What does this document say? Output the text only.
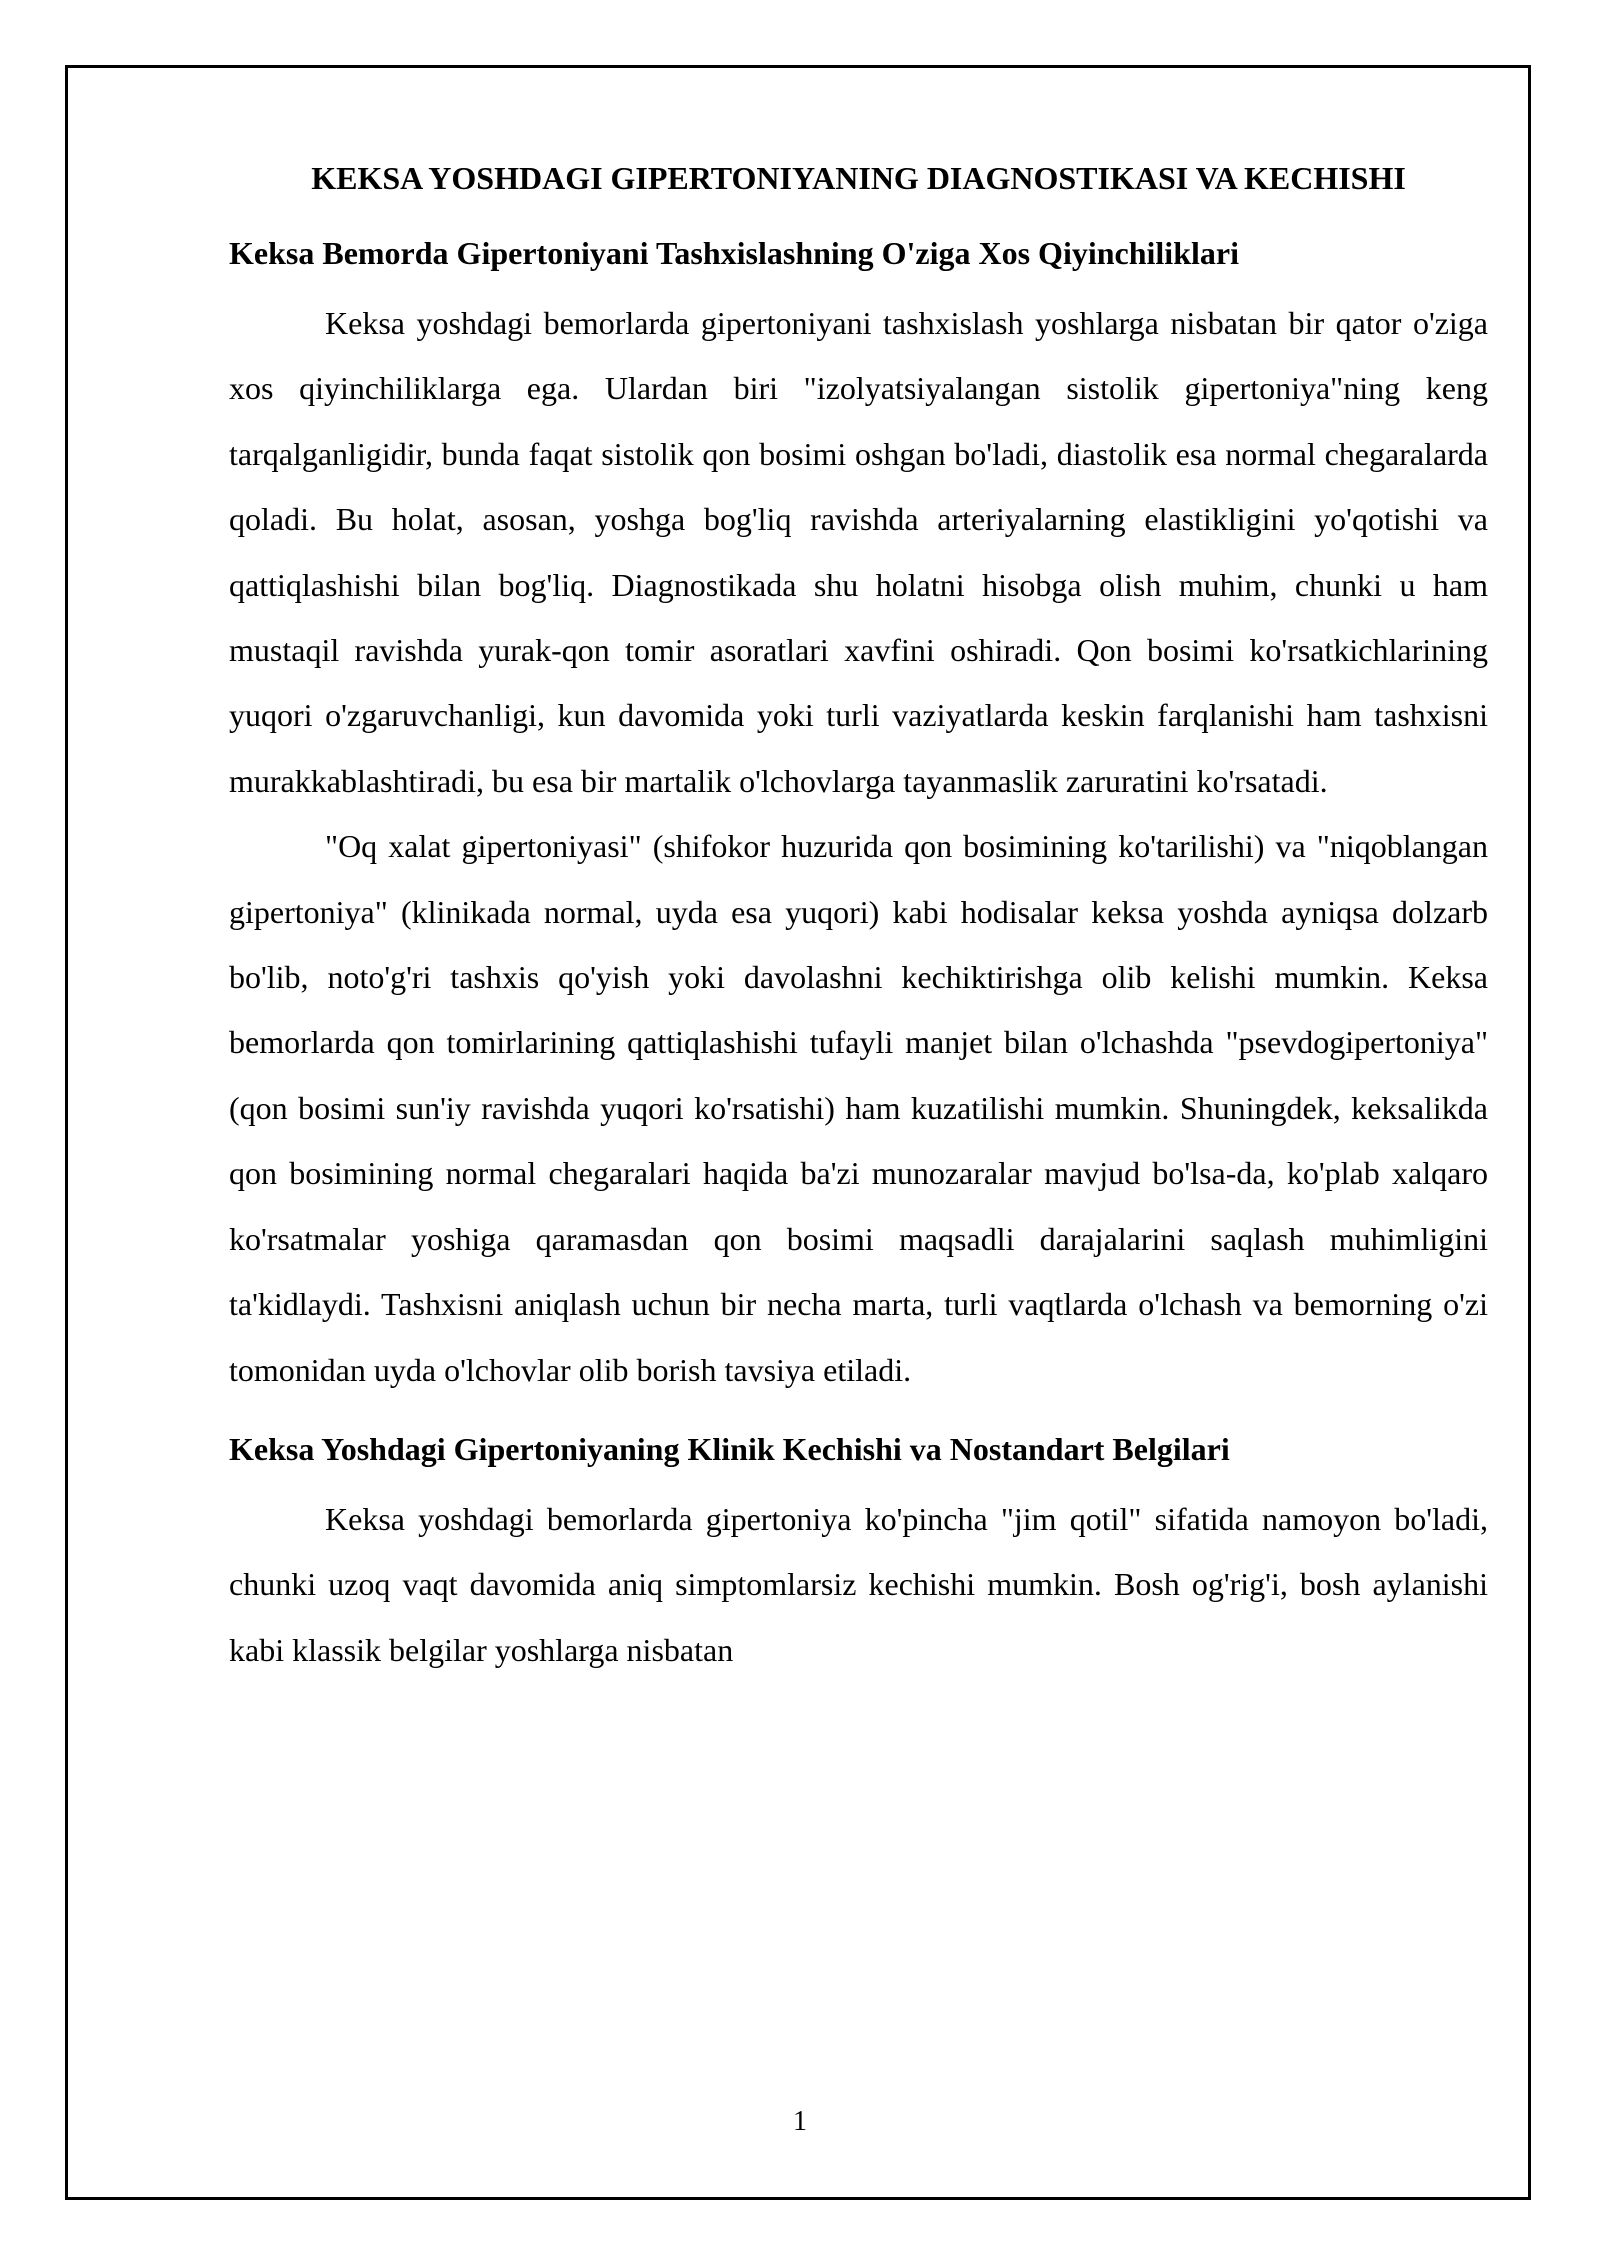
KEKSA YOSHDAGI GIPERTONIYANING DIAGNOSTIKASI VA KECHISHI
Keksa Bemorda Gipertoniyani Tashxislashning O'ziga Xos Qiyinchiliklari

Keksa yoshdagi bemorlarda gipertoniyani tashxislash yoshlarga nisbatan bir qator o'ziga xos qiyinchiliklarga ega. Ulardan biri "izolyatsiyalangan sistolik gipertoniya"ning keng tarqalganligidir, bunda faqat sistolik qon bosimi oshgan bo'ladi, diastolik esa normal chegaralarda qoladi. Bu holat, asosan, yoshga bog'liq ravishda arteriyalarning elastikligini yo'qotishi va qattiqlashishi bilan bog'liq. Diagnostikada shu holatni hisobga olish muhim, chunki u ham mustaqil ravishda yurak-qon tomir asoratlari xavfini oshiradi. Qon bosimi ko'rsatkichlarining yuqori o'zgaruvchanligi, kun davomida yoki turli vaziyatlarda keskin farqlanishi ham tashxisni murakkablashtiradi, bu esa bir martalik o'lchovlarga tayanmaslik zaruratini ko'rsatadi.

"Oq xalat gipertoniyasi" (shifokor huzurida qon bosimining ko'tarilishi) va "niqoblangan gipertoniya" (klinikada normal, uyda esa yuqori) kabi hodisalar keksa yoshda ayniqsa dolzarb bo'lib, noto'g'ri tashxis qo'yish yoki davolashni kechiktirishga olib kelishi mumkin. Keksa bemorlarda qon tomirlarining qattiqlashishi tufayli manjet bilan o'lchashda "psevdogipertoniya" (qon bosimi sun'iy ravishda yuqori ko'rsatishi) ham kuzatilishi mumkin. Shuningdek, keksalikda qon bosimining normal chegaralari haqida ba'zi munozaralar mavjud bo'lsa-da, ko'plab xalqaro ko'rsatmalar yoshiga qaramasdan qon bosimi maqsadli darajalarini saqlash muhimligini ta'kidlaydi. Tashxisni aniqlash uchun bir necha marta, turli vaqtlarda o'lchash va bemorning o'zi tomonidan uyda o'lchovlar olib borish tavsiya etiladi.

Keksa Yoshdagi Gipertoniyaning Klinik Kechishi va Nostandart Belgilari

Keksa yoshdagi bemorlarda gipertoniya ko'pincha "jim qotil" sifatida namoyon bo'ladi, chunki uzoq vaqt davomida aniq simptomlarsiz kechishi mumkin. Bosh og'rig'i, bosh aylanishi kabi klassik belgilar yoshlarga nisbatan

1
